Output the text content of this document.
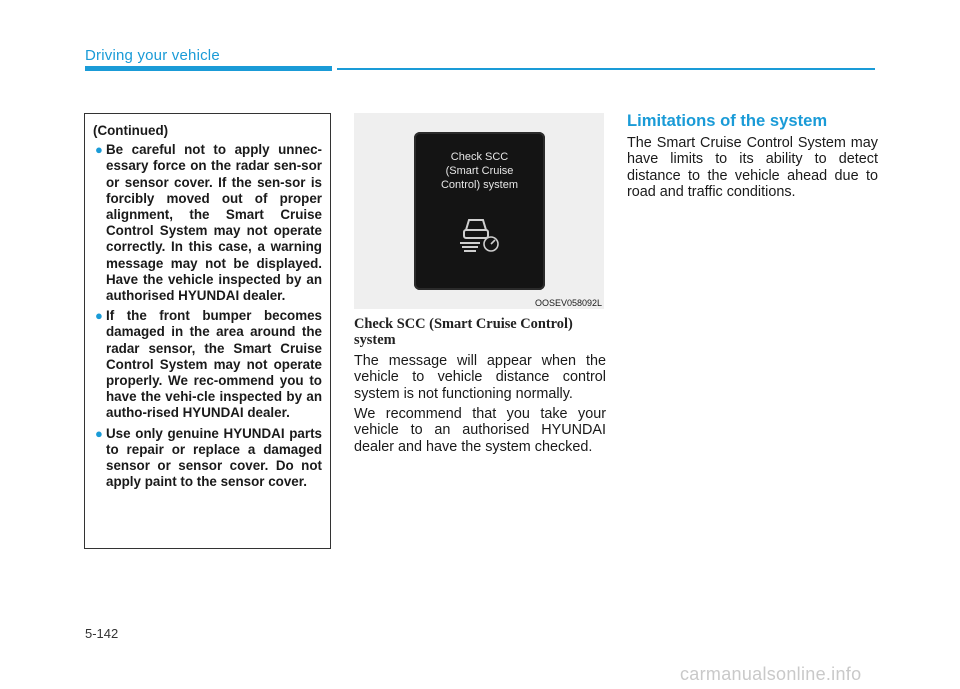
Driving your vehicle

(Continued)

● Be careful not to apply unnec-essary force on the radar sen-sor or sensor cover. If the sen-sor is forcibly moved out of proper alignment, the Smart Cruise Control System may not operate correctly. In this case, a warning message may not be displayed. Have the vehicle inspected by an authorised HYUNDAI dealer.

● If the front bumper becomes damaged in the area around the radar sensor, the Smart Cruise Control System may not operate properly. We rec-ommend you to have the vehi-cle inspected by an autho-rised HYUNDAI dealer.

● Use only genuine HYUNDAI parts to repair or replace a damaged sensor or sensor cover. Do not apply paint to the sensor cover.

Check SCC
(Smart Cruise
Control) system
OOSEV058092L
Check SCC (Smart Cruise Control) system

The message will appear when the vehicle to vehicle distance control system is not functioning normally.

We recommend that you take your vehicle to an authorised HYUNDAI dealer and have the system checked.

Limitations of the system

The Smart Cruise Control System may have limits to its ability to detect distance to the vehicle ahead due to road and traffic conditions.

5-142
carmanualsonline.info
